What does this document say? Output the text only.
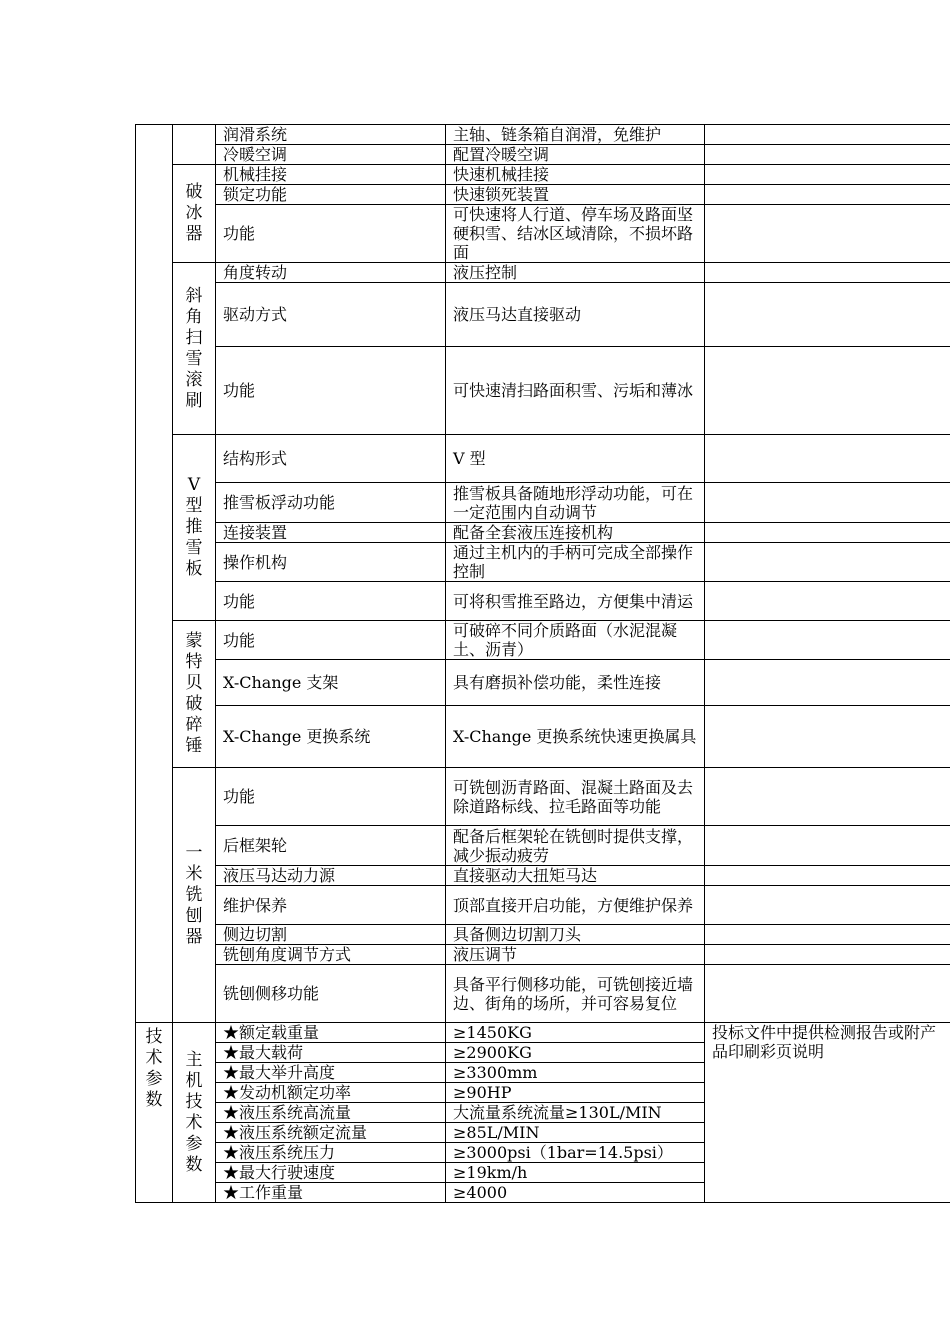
		润滑系统	主轴、链条箱自润滑，免维护	
		冷暖空调	配置冷暖空调	
	破冰器	机械挂接	快速机械挂接	
		锁定功能	快速锁死装置	
		功能	可快速将人行道、停车场及路面坚硬积雪、结冰区域清除，不损坏路面	
	斜角扫雪滚刷	角度转动	液压控制	
		驱动方式	液压马达直接驱动	
		功能	可快速清扫路面积雪、污垢和薄冰	
	V型推雪板	结构形式	V 型	
		推雪板浮动功能	推雪板具备随地形浮动功能，可在一定范围内自动调节	
		连接装置	配备全套液压连接机构	
		操作机构	通过主机内的手柄可完成全部操作控制	
		功能	可将积雪推至路边，方便集中清运	
	蒙特贝破碎锤	功能	可破碎不同介质路面（水泥混凝土、沥青）	
		X-Change 支架	具有磨损补偿功能，柔性连接	
		X-Change 更换系统	X-Change 更换系统快速更换属具	
	一米铣刨器	功能	可铣刨沥青路面、混凝土路面及去除道路标线、拉毛路面等功能	
		后框架轮	配备后框架轮在铣刨时提供支撑，减少振动疲劳	
		液压马达动力源	直接驱动大扭矩马达	
		维护保养	顶部直接开启功能，方便维护保养	
		侧边切割	具备侧边切割刀头	
		铣刨角度调节方式	液压调节	
		铣刨侧移功能	具备平行侧移功能，可铣刨接近墙边、街角的场所，并可容易复位	
技术参数	主机技术参数	★额定载重量	≥1450KG	投标文件中提供检测报告或附产品印刷彩页说明
		★最大载荷	≥2900KG	
		★最大举升高度	≥3300mm	
		★发动机额定功率	≥90HP	
		★液压系统高流量	大流量系统流量≥130L/MIN	
		★液压系统额定流量	≥85L/MIN	
		★液压系统压力	≥3000psi（1bar=14.5psi）	
		★最大行驶速度	≥19km/h	
		★工作重量	≥4000	
